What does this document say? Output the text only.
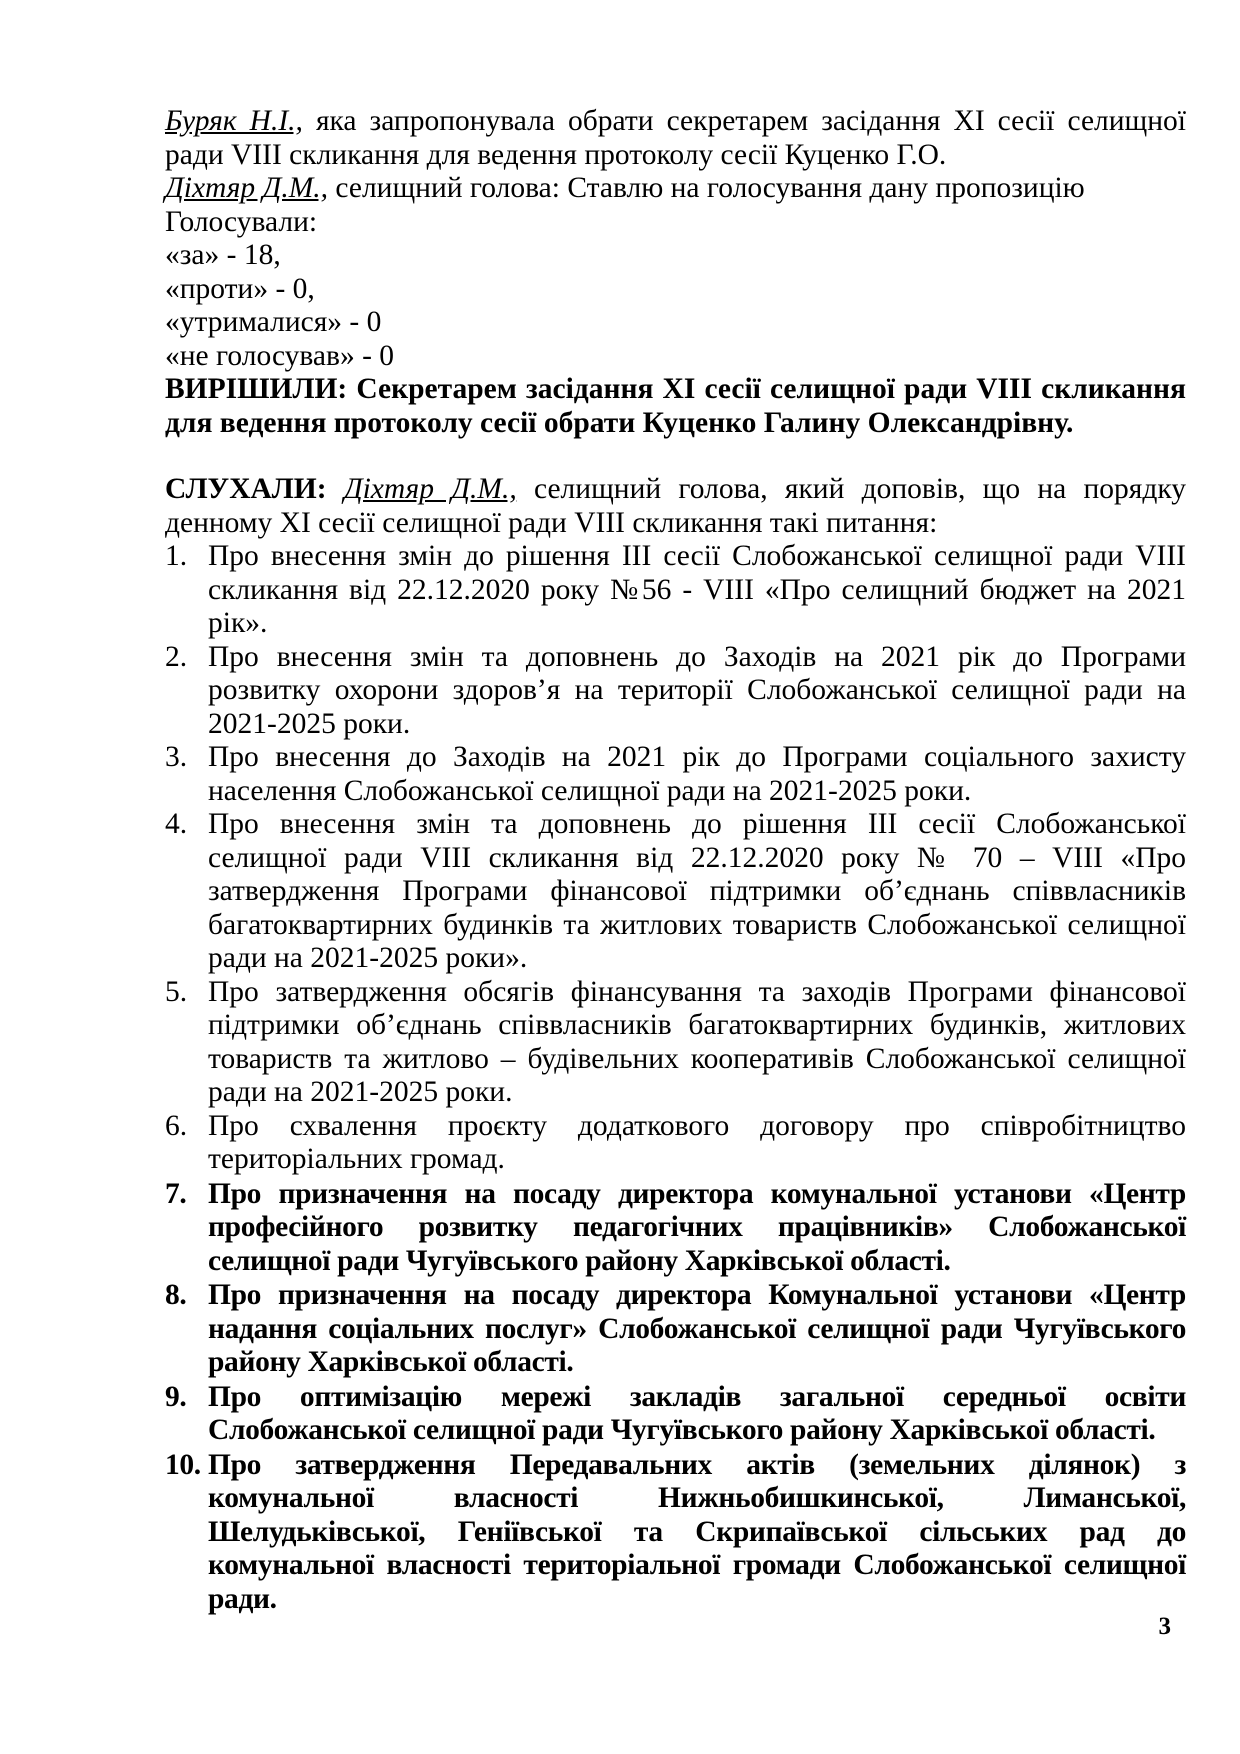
Буряк Н.І., яка запропонувала обрати секретарем засідання XI сесії селищної ради VIII скликання для ведення протоколу сесії Куценко Г.О.

Діхтяр Д.М., селищний голова: Ставлю на голосування дану пропозицію

Голосували:

«за» - 18,

«проти» - 0,

«утрималися» - 0

«не голосував» - 0

ВИРІШИЛИ: Секретарем засідання XI сесії селищної ради VIII скликання для ведення протоколу сесії обрати Куценко Галину Олександрівну.

СЛУХАЛИ: Діхтяр Д.М., селищний голова, який доповів, що на порядку денному XI сесії селищної ради VIII скликання такі питання:

1. Про внесення змін до рішення ІІІ сесії Слобожанської селищної ради VIII скликання від 22.12.2020 року №56 - VIII «Про селищний бюджет на 2021 рік».
2. Про внесення змін та доповнень до Заходів на 2021 рік до Програми розвитку охорони здоров’я на території Слобожанської селищної ради на 2021-2025 роки.
3. Про внесення до Заходів на 2021 рік до Програми соціального захисту населення Слобожанської селищної ради на 2021-2025 роки.
4. Про внесення змін та доповнень до рішення ІІІ сесії Слобожанської селищної ради VIII скликання від 22.12.2020 року № 70 – VIII «Про затвердження Програми фінансової підтримки об’єднань співвласників багатоквартирних будинків та житлових товариств Слобожанської селищної ради на 2021-2025 роки».
5. Про затвердження обсягів фінансування та заходів Програми фінансової підтримки об’єднань співвласників багатоквартирних будинків, житлових товариств та житлово – будівельних кооперативів Слобожанської селищної ради на 2021-2025 роки.
6. Про схвалення проєкту додаткового договору про співробітництво територіальних громад.
7. Про призначення на посаду директора комунальної установи «Центр професійного розвитку педагогічних працівників» Слобожанської селищної ради Чугуївського району Харківської області.
8. Про призначення на посаду директора Комунальної установи «Центр надання соціальних послуг» Слобожанської селищної ради Чугуївського району Харківської області.
9. Про оптимізацію мережі закладів загальної середньої освіти Слобожанської селищної ради Чугуївського району Харківської області.
10. Про затвердження Передавальних актів (земельних ділянок) з комунальної власності Нижньобишкинської, Лиманської, Шелудьківської, Геніївської та Скрипаївської сільських рад до комунальної власності територіальної громади Слобожанської селищної ради.
3
